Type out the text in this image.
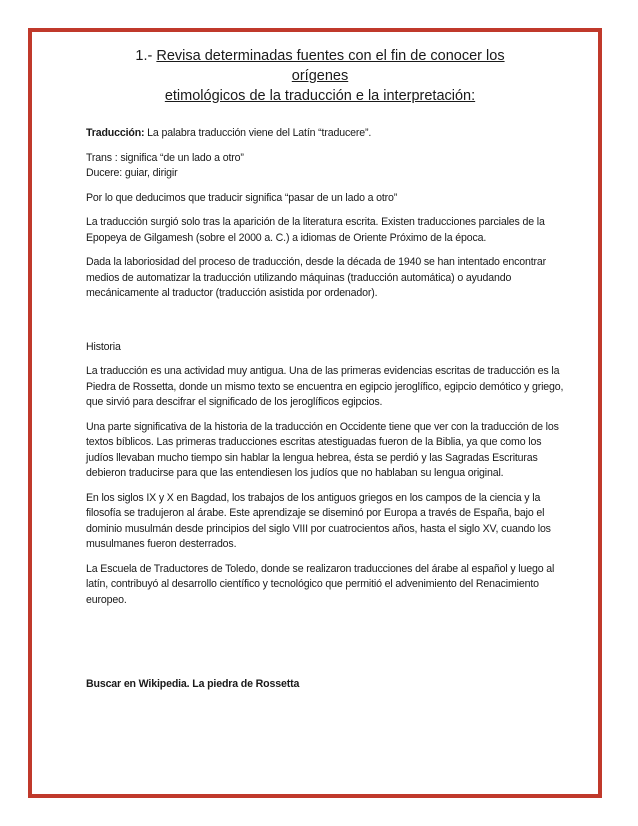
1.- Revisa determinadas fuentes con el fin de conocer los orígenes
etimológicos de la traducción e la interpretación:

Traducción: La palabra traducción viene del Latín “traducere”.

Trans : significa “de un lado a otro”

Ducere: guiar, dirigir

Por lo que deducimos que traducir significa “pasar de un lado a otro”

La traducción surgió solo tras la aparición de la literatura escrita. Existen traducciones parciales de la Epopeya de Gilgamesh (sobre el 2000 a. C.) a idiomas de Oriente Próximo de la época.

Dada la laboriosidad del proceso de traducción, desde la década de 1940 se han intentado encontrar medios de automatizar la traducción utilizando máquinas (traducción automática) o ayudando mecánicamente al traductor (traducción asistida por ordenador).

Historia

La traducción es una actividad muy antigua. Una de las primeras evidencias escritas de traducción es la Piedra de Rossetta, donde un mismo texto se encuentra en egipcio jeroglífico, egipcio demótico y griego, que sirvió para descifrar el significado de los jeroglíficos egipcios.

Una parte significativa de la historia de la traducción en Occidente tiene que ver con la traducción de los textos bíblicos. Las primeras traducciones escritas atestiguadas fueron de la Biblia, ya que como los judíos llevaban mucho tiempo sin hablar la lengua hebrea, ésta se perdió y las Sagradas Escrituras debieron traducirse para que las entendiesen los judíos que no hablaban su lengua original.

En los siglos IX y X en Bagdad, los trabajos de los antiguos griegos en los campos de la ciencia y la filosofía se tradujeron al árabe. Este aprendizaje se diseminó por Europa a través de España, bajo el dominio musulmán desde principios del siglo VIII por cuatrocientos años, hasta el siglo XV, cuando los musulmanes fueron desterrados.

La Escuela de Traductores de Toledo, donde se realizaron traducciones del árabe al español y luego al latín, contribuyó al desarrollo científico y tecnológico que permitió el advenimiento del Renacimiento europeo.

Buscar en Wikipedia. La piedra de Rossetta
